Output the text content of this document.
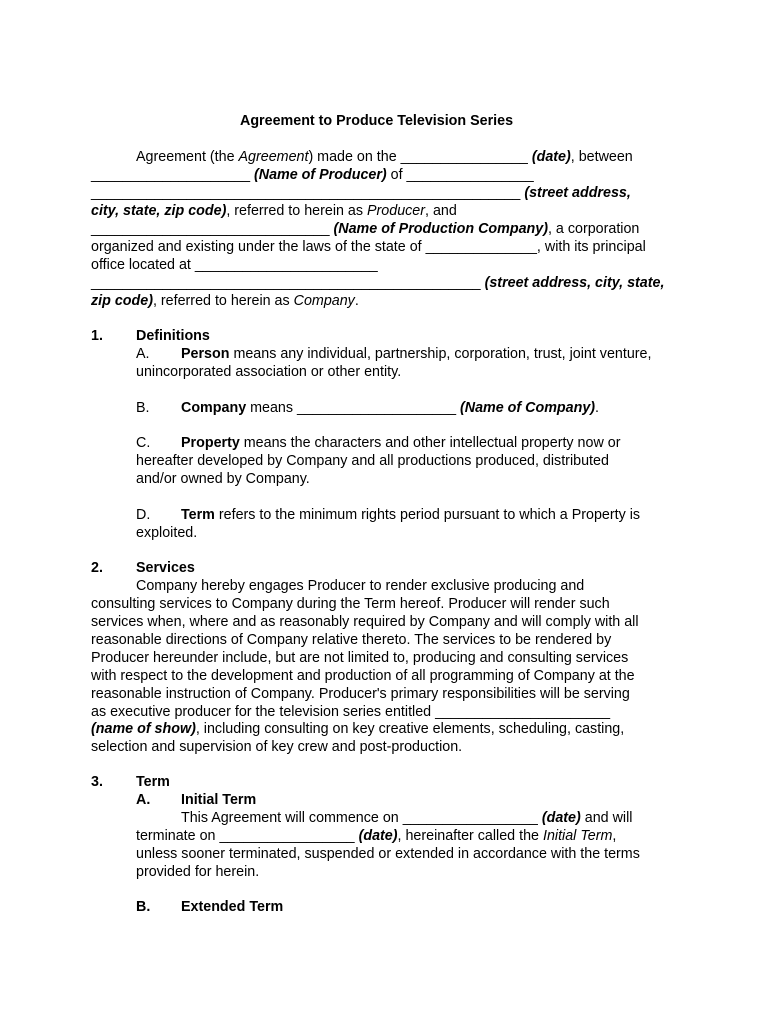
Agreement to Produce Television Series
Agreement (the Agreement) made on the ________________ (date), between
____________________ (Name of Producer) of ________________
______________________________________________________ (street address,
city, state, zip code), referred to herein as Producer, and
______________________________ (Name of Production Company), a corporation
organized and existing under the laws of the state of ______________, with its principal
office located at _______________________
_________________________________________________ (street address, city, state,
zip code), referred to herein as Company.
1. Definitions
A. Person means any individual, partnership, corporation, trust, joint venture,
unincorporated association or other entity.
B. Company means ____________________ (Name of Company).
C. Property means the characters and other intellectual property now or
hereafter developed by Company and all productions produced, distributed
and/or owned by Company.
D. Term refers to the minimum rights period pursuant to which a Property is
exploited.
2. Services
Company hereby engages Producer to render exclusive producing and
consulting services to Company during the Term hereof. Producer will render such
services when, where and as reasonably required by Company and will comply with all
reasonable directions of Company relative thereto. The services to be rendered by
Producer hereunder include, but are not limited to, producing and consulting services
with respect to the development and production of all programming of Company at the
reasonable instruction of Company. Producer's primary responsibilities will be serving
as executive producer for the television series entitled ______________________
(name of show), including consulting on key creative elements, scheduling, casting,
selection and supervision of key crew and post-production.
3. Term
A. Initial Term
This Agreement will commence on _________________ (date) and will
terminate on _________________ (date), hereinafter called the Initial Term,
unless sooner terminated, suspended or extended in accordance with the terms
provided for herein.
B. Extended Term
